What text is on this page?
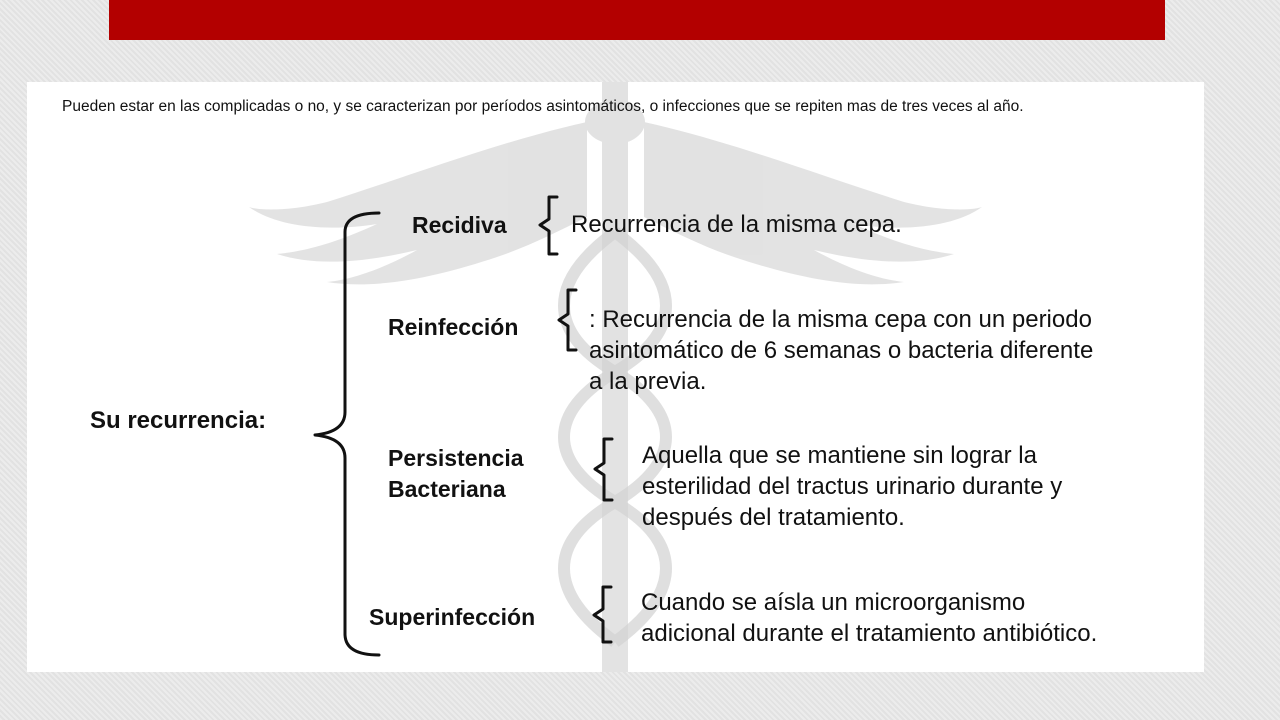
Pueden estar en las complicadas o no, y se caracterizan por períodos asintomáticos, o infecciones que se repiten mas de tres veces al año.
Su recurrencia:
Recidiva	Recurrencia de la misma cepa.
Reinfección	: Recurrencia de la misma cepa con un periodo
asintomático de 6 semanas o bacteria diferente
a la previa.
Persistencia
Bacteriana
Aquella que se mantiene sin lograr la
esterilidad del tractus urinario durante y
después del tratamiento.
Superinfección
Cuando se aísla un microorganismo
adicional durante el tratamiento antibiótico.
